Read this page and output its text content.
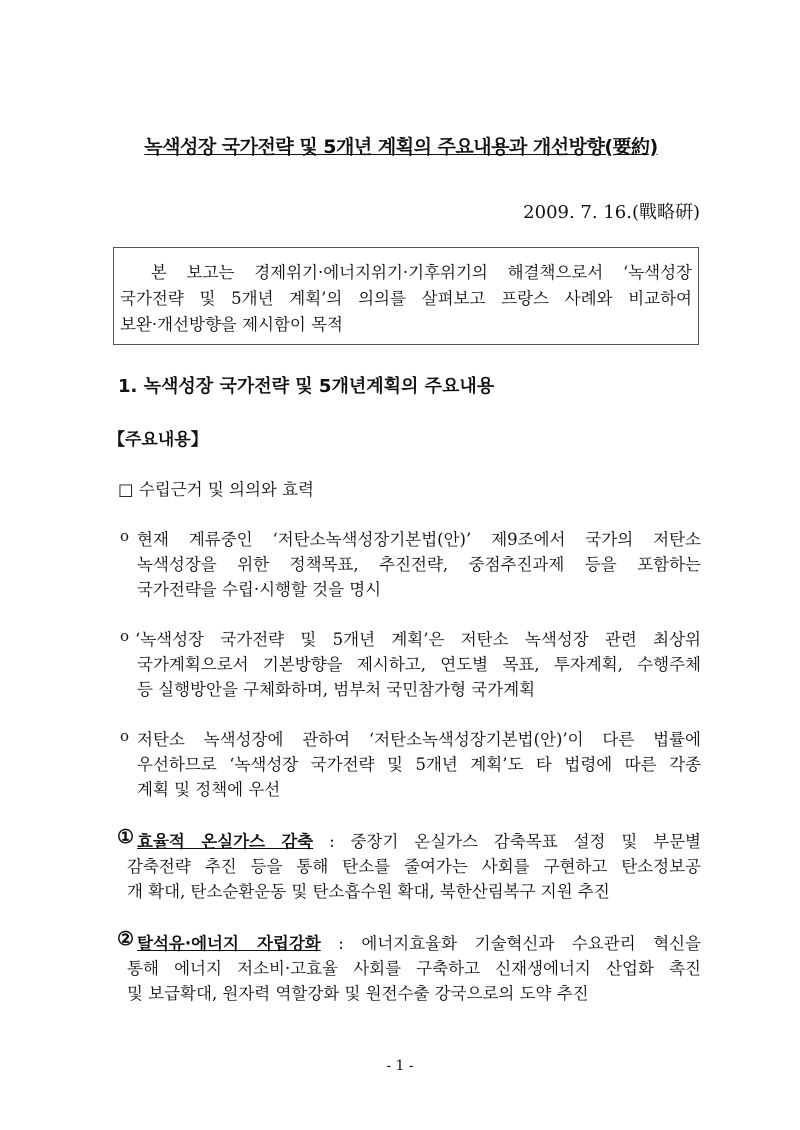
녹색성장 국가전략 및 5개년 계획의 주요내용과 개선방향(要約)
2009. 7. 16.(戰略硏)
　본 보고는 경제위기·에너지위기·기후위기의 해결책으로서 ‘녹색성장
국가전략 및 5개년 계획’의 의의를 살펴보고 프랑스 사례와 비교하여
보완·개선방향을 제시함이 목적
1. 녹색성장 국가전략 및 5개년계획의 주요내용
【주요내용】
□ 수립근거 및 의의와 효력
o 현재 계류중인 ‘저탄소녹색성장기본법(안)’ 제9조에서 국가의 저탄소
녹색성장을 위한 정책목표, 추진전략, 중점추진과제 등을 포함하는
국가전략을 수립·시행할 것을 명시
o ‘녹색성장 국가전략 및 5개년 계획’은 저탄소 녹색성장 관련 최상위
국가계획으로서 기본방향을 제시하고, 연도별 목표, 투자계획, 수행주체
등 실행방안을 구체화하며, 범부처 국민참가형 국가계획
o 저탄소 녹색성장에 관하여 ‘저탄소녹색성장기본법(안)’이 다른 법률에
우선하므로 ‘녹색성장 국가전략 및 5개년 계획’도 타 법령에 따른 각종
계획 및 정책에 우선
① 효율적 온실가스 감축 : 중장기 온실가스 감축목표 설정 및 부문별
감축전략 추진 등을 통해 탄소를 줄여가는 사회를 구현하고 탄소정보공
개 확대, 탄소순환운동 및 탄소흡수원 확대, 북한산림복구 지원 추진
② 탈석유·에너지 자립강화 : 에너지효율화 기술혁신과 수요관리 혁신을
통해 에너지 저소비·고효율 사회를 구축하고 신재생에너지 산업화 촉진
및 보급확대, 원자력 역할강화 및 원전수출 강국으로의 도약 추진
- 1 -
